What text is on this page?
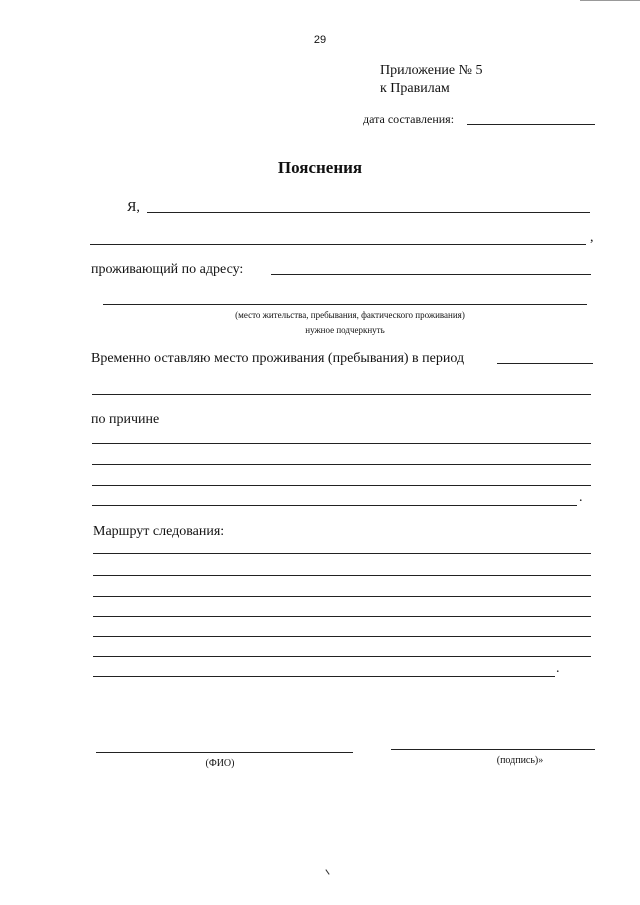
29
Приложение № 5
к Правилам
дата составления:
Пояснения
Я,
,
проживающий по адресу:
(место жительства, пребывания, фактического проживания)
нужное подчеркнуть
Временно оставляю место проживания (пребывания) в период
по причине
.
Маршрут следования:
.
(ФИО)	(подпись)»
